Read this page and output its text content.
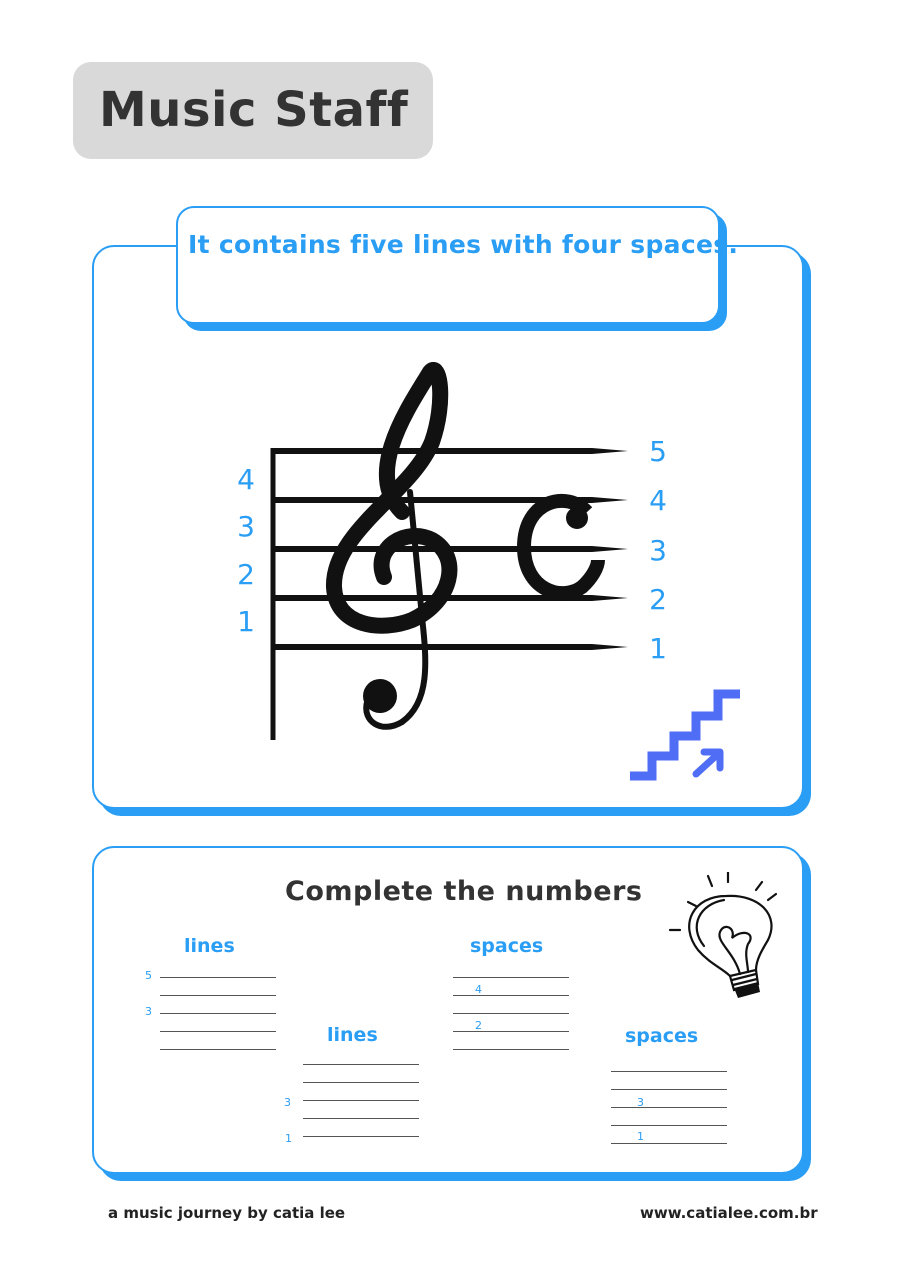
Music Staff
It contains five lines with four spaces.
4
3
2
1
5
4
3
2
1
Complete the numbers
lines
5
3
spaces
4
2
lines
3
1
spaces
3
1
a music journey by catia lee	www.catialee.com.br
